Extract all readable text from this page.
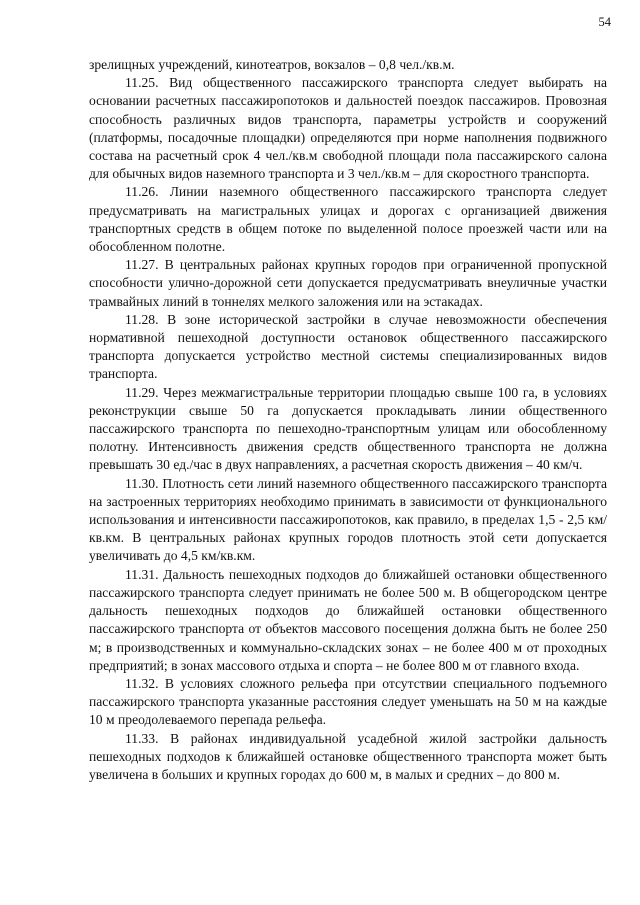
54

зрелищных учреждений, кинотеатров, вокзалов – 0,8 чел./кв.м.

11.25. Вид общественного пассажирского транспорта следует выбирать на основании расчетных пассажиропотоков и дальностей поездок пассажиров. Провозная способность различных видов транспорта, параметры устройств и сооружений (платформы, посадочные площадки) определяются при норме наполнения подвижного состава на расчетный срок 4 чел./кв.м свободной площади пола пассажирского салона для обычных видов наземного транспорта и 3 чел./кв.м – для скоростного транспорта.

11.26. Линии наземного общественного пассажирского транспорта следует предусматривать на магистральных улицах и дорогах с организацией движения транспортных средств в общем потоке по выделенной полосе проезжей части или на обособленном полотне.

11.27. В центральных районах крупных городов при ограниченной пропускной способности улично-дорожной сети допускается предусматривать внеуличные участки трамвайных линий в тоннелях мелкого заложения или на эстакадах.

11.28. В зоне исторической застройки в случае невозможности обеспечения нормативной пешеходной доступности остановок общественного пассажирского транспорта допускается устройство местной системы специализированных видов транспорта.

11.29. Через межмагистральные территории площадью свыше 100 га, в условиях реконструкции свыше 50 га допускается прокладывать линии общественного пассажирского транспорта по пешеходно-транспортным улицам или обособленному полотну. Интенсивность движения средств общественного транспорта не должна превышать 30 ед./час в двух направлениях, а расчетная скорость движения – 40 км/ч.

11.30. Плотность сети линий наземного общественного пассажирского транспорта на застроенных территориях необходимо принимать в зависимости от функционального использования и интенсивности пассажиропотоков, как правило, в пределах 1,5 - 2,5 км/кв.км. В центральных районах крупных городов плотность этой сети допускается увеличивать до 4,5 км/кв.км.

11.31. Дальность пешеходных подходов до ближайшей остановки общественного пассажирского транспорта следует принимать не более 500 м. В общегородском центре дальность пешеходных подходов до ближайшей остановки общественного пассажирского транспорта от объектов массового посещения должна быть не более 250 м; в производственных и коммунально-складских зонах – не более 400 м от проходных предприятий; в зонах массового отдыха и спорта – не более 800 м от главного входа.

11.32. В условиях сложного рельефа при отсутствии специального подъемного пассажирского транспорта указанные расстояния следует уменьшать на 50 м на каждые 10 м преодолеваемого перепада рельефа.

11.33. В районах индивидуальной усадебной жилой застройки дальность пешеходных подходов к ближайшей остановке общественного транспорта может быть увеличена в больших и крупных городах до 600 м, в малых и средних – до 800 м.
